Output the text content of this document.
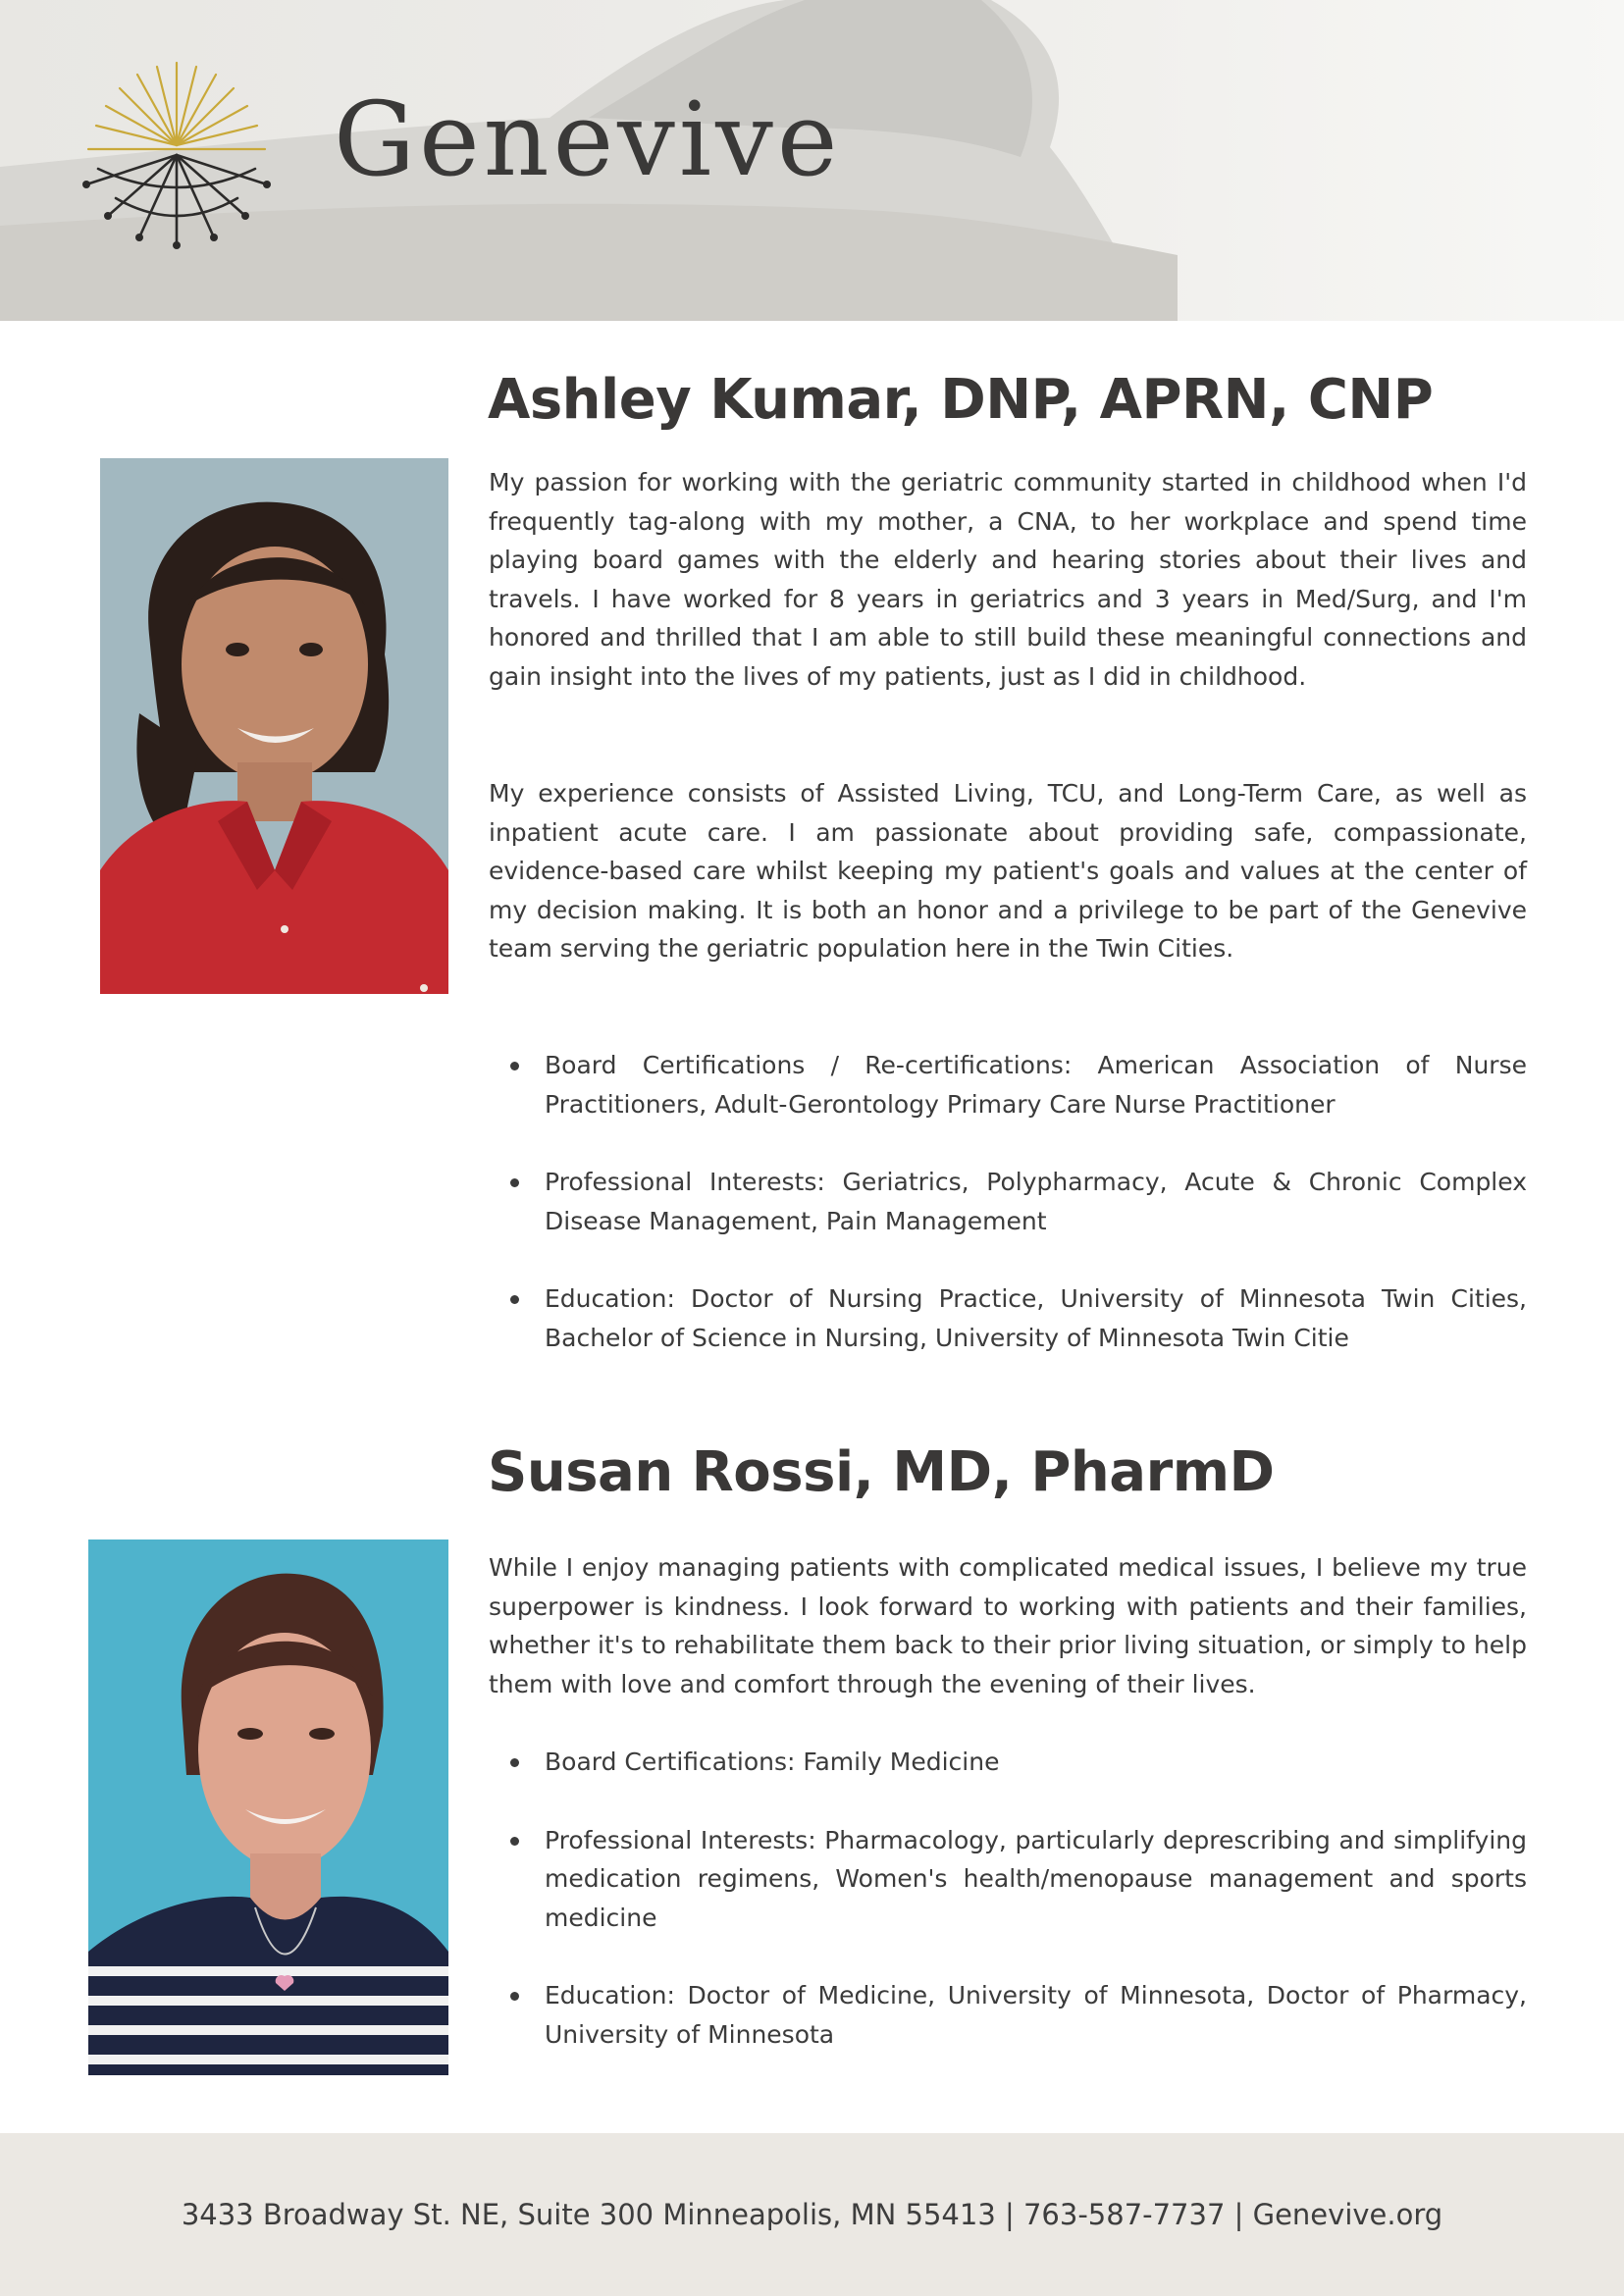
Genevive
Ashley Kumar, DNP, APRN, CNP

My passion for working with the geriatric community started in childhood when I'd frequently tag-along with my mother, a CNA, to her workplace and spend time playing board games with the elderly and hearing stories about their lives and travels. I have worked for 8 years in geriatrics and 3 years in Med/Surg, and I'm honored and thrilled that I am able to still build these meaningful connections and gain insight into the lives of my patients, just as I did in childhood.

My experience consists of Assisted Living, TCU, and Long-Term Care, as well as inpatient acute care. I am passionate about providing safe, compassionate, evidence-based care whilst keeping my patient's goals and values at the center of my decision making. It is both an honor and a privilege to be part of the Genevive team serving the geriatric population here in the Twin Cities.

Board Certifications / Re-certifications: American Association of Nurse Practitioners, Adult-Gerontology Primary Care Nurse Practitioner
Professional Interests: Geriatrics, Polypharmacy, Acute & Chronic Complex Disease Management, Pain Management
Education: Doctor of Nursing Practice, University of Minnesota Twin Cities, Bachelor of Science in Nursing, University of Minnesota Twin Citie
Susan Rossi, MD, PharmD

While I enjoy managing patients with complicated medical issues, I believe my true superpower is kindness. I look forward to working with patients and their families, whether it's to rehabilitate them back to their prior living situation, or simply to help them with love and comfort through the evening of their lives.

Board Certifications: Family Medicine
Professional Interests: Pharmacology, particularly deprescribing and simplifying medication regimens, Women's health/menopause management and sports medicine
Education: Doctor of Medicine, University of Minnesota, Doctor of Pharmacy, University of Minnesota
3433 Broadway St. NE, Suite 300 Minneapolis, MN 55413 | 763-587-7737 | Genevive.org
